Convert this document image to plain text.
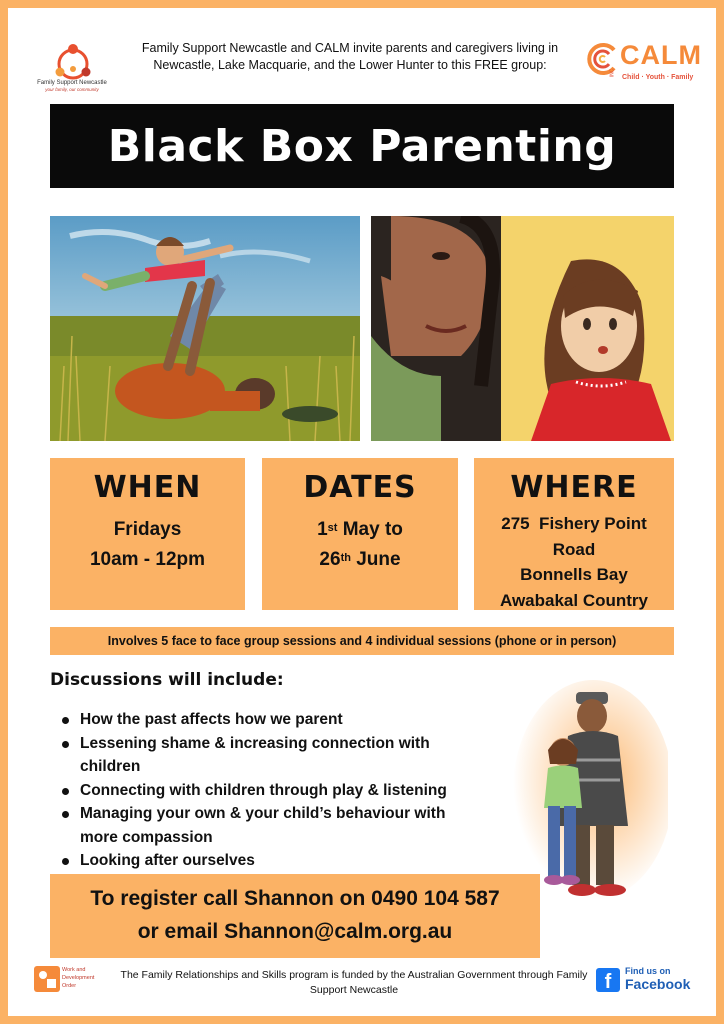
Family Support Newcastle
your family, our community
Family Support Newcastle and CALM invite parents and caregivers living in Newcastle, Lake Macquarie, and the Lower Hunter to this FREE group:	CALM
Child · Youth · Family
INC
Black Box Parenting
WHEN
Fridays
10am - 12pm
DATES
1st May to
26th June
WHERE
275  Fishery Point
Road
Bonnells Bay
Awabakal Country
Involves 5 face to face group sessions and 4 individual sessions (phone or in person)
Discussions will include:
How the past affects how we parent
Lessening shame & increasing connection with children
Connecting with children through play & listening
Managing your own & your child’s behaviour with more compassion
Looking after ourselves
To register call Shannon on 0490 104 587
or email Shannon@calm.org.au
Work and Development Order
The Family Relationships and Skills program is funded by the Australian Government through Family Support Newcastle	f	Find us on
Facebook
